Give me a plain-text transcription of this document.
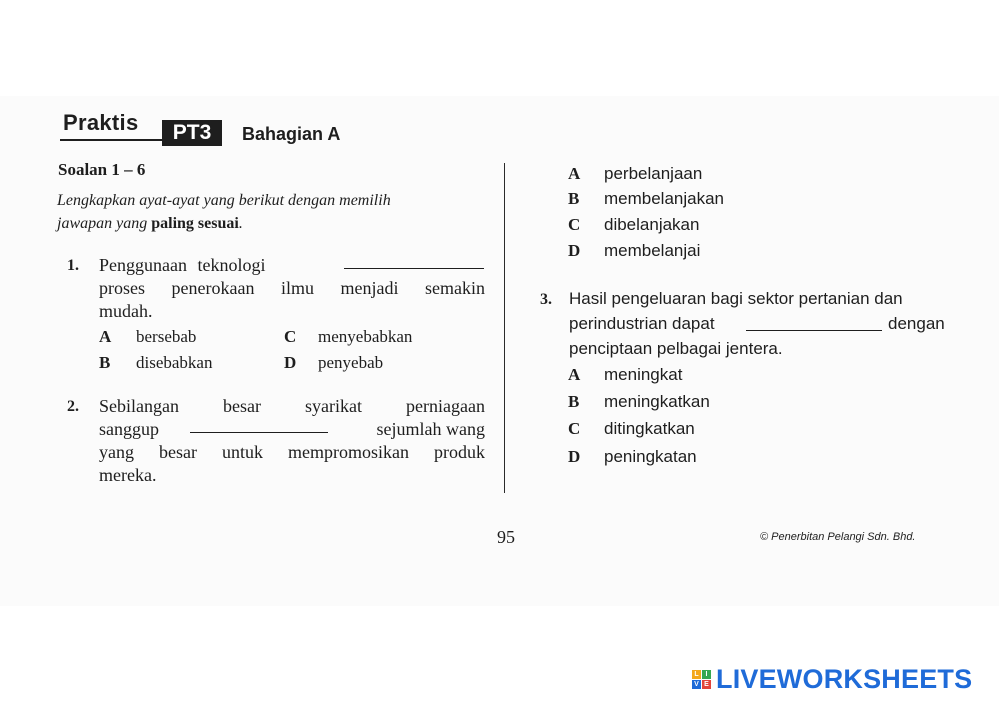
Praktis	PT3	Bahagian A
Soalan 1 – 6
Lengkapkan ayat-ayat yang berikut dengan memilih
jawapan yang paling sesuai.
1. Penggunaan teknologi
proses penerokaan ilmu menjadi semakin
mudah.
A bersebab	C menyebabkan
B disebabkan	D penyebab
2. Sebilangan besar syarikat perniagaan
sanggup	sejumlah wang
yang besar untuk mempromosikan produk
mereka.
A perbelanjaan
B membelanjakan
C dibelanjakan
D membelanjai
3. Hasil pengeluaran bagi sektor pertanian dan
perindustrian dapat	dengan
penciptaan pelbagai jentera.
A meningkat
B meningkatkan
C ditingkatkan
D peningkatan
95	© Penerbitan Pelangi Sdn. Bhd.
L I
V E LIVEWORKSHEETS
